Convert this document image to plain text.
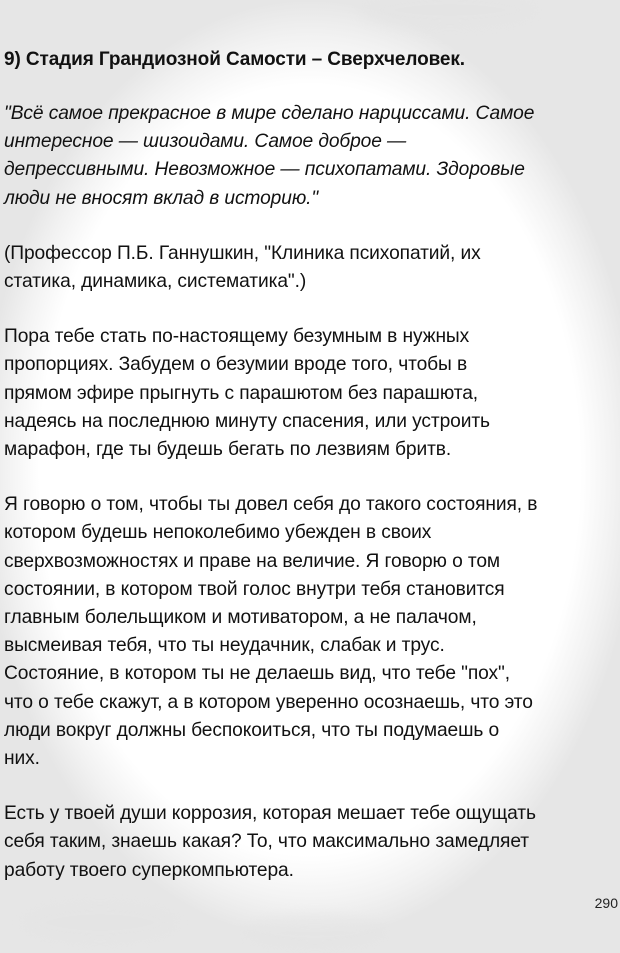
9) Стадия Грандиозной Самости – Сверхчеловек.
"Всё самое прекрасное в мире сделано нарциссами. Самое
интересное — шизоидами. Самое доброе —
депрессивными. Невозможное — психопатами. Здоровые
люди не вносят вклад в историю."
(Профессор П.Б. Ганнушкин, "Клиника психопатий, их
статика, динамика, систематика".)
Пора тебе стать по-настоящему безумным в нужных
пропорциях. Забудем о безумии вроде того, чтобы в
прямом эфире прыгнуть с парашютом без парашюта,
надеясь на последнюю минуту спасения, или устроить
марафон, где ты будешь бегать по лезвиям бритв.
Я говорю о том, чтобы ты довел себя до такого состояния, в
котором будешь непоколебимо убежден в своих
сверхвозможностях и праве на величие. Я говорю о том
состоянии, в котором твой голос внутри тебя становится
главным болельщиком и мотиватором, а не палачом,
высмеивая тебя, что ты неудачник, слабак и трус.
Состояние, в котором ты не делаешь вид, что тебе "пох",
что о тебе скажут, а в котором уверенно осознаешь, что это
люди вокруг должны беспокоиться, что ты подумаешь о
них.
Есть у твоей души коррозия, которая мешает тебе ощущать
себя таким, знаешь какая? То, что максимально замедляет
работу твоего суперкомпьютера.
290
